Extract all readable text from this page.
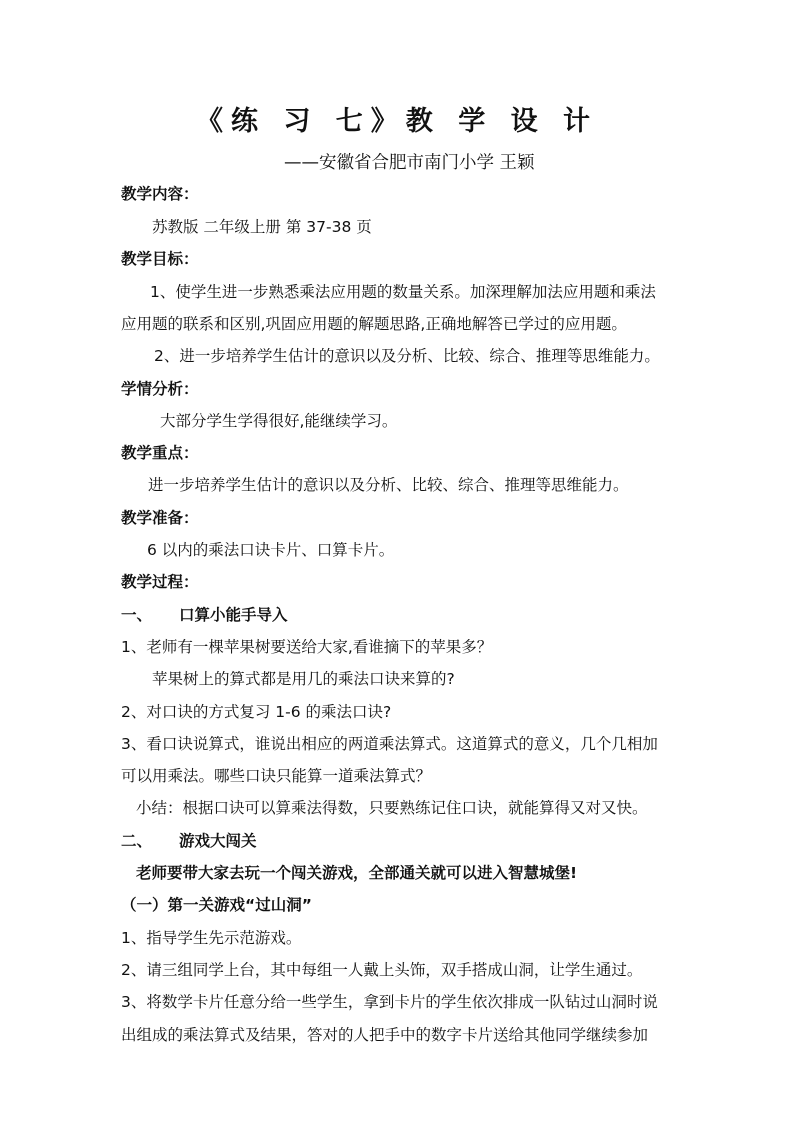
《练 习 七》教 学 设 计
——安徽省合肥市南门小学 王颖
教学内容：
苏教版 二年级上册 第 37-38 页
教学目标：
1、使学生进一步熟悉乘法应用题的数量关系。加深理解加法应用题和乘法
应用题的联系和区别,巩固应用题的解题思路,正确地解答已学过的应用题。
2、进一步培养学生估计的意识以及分析、比较、综合、推理等思维能力。
学情分析：
大部分学生学得很好,能继续学习。
教学重点：
进一步培养学生估计的意识以及分析、比较、综合、推理等思维能力。
教学准备：
6 以内的乘法口诀卡片、口算卡片。
教学过程：
一、     口算小能手导入
1、老师有一棵苹果树要送给大家,看谁摘下的苹果多？
苹果树上的算式都是用几的乘法口诀来算的?
2、对口诀的方式复习 1-6 的乘法口诀?
3、看口诀说算式，谁说出相应的两道乘法算式。这道算式的意义，几个几相加
可以用乘法。哪些口诀只能算一道乘法算式？
小结：根据口诀可以算乘法得数，只要熟练记住口诀，就能算得又对又快。
二、     游戏大闯关
老师要带大家去玩一个闯关游戏，全部通关就可以进入智慧城堡!
（一）第一关游戏“过山洞”
1、指导学生先示范游戏。
2、请三组同学上台，其中每组一人戴上头饰，双手搭成山洞，让学生通过。
3、将数学卡片任意分给一些学生，拿到卡片的学生依次排成一队钻过山洞时说
出组成的乘法算式及结果，答对的人把手中的数字卡片送给其他同学继续参加
